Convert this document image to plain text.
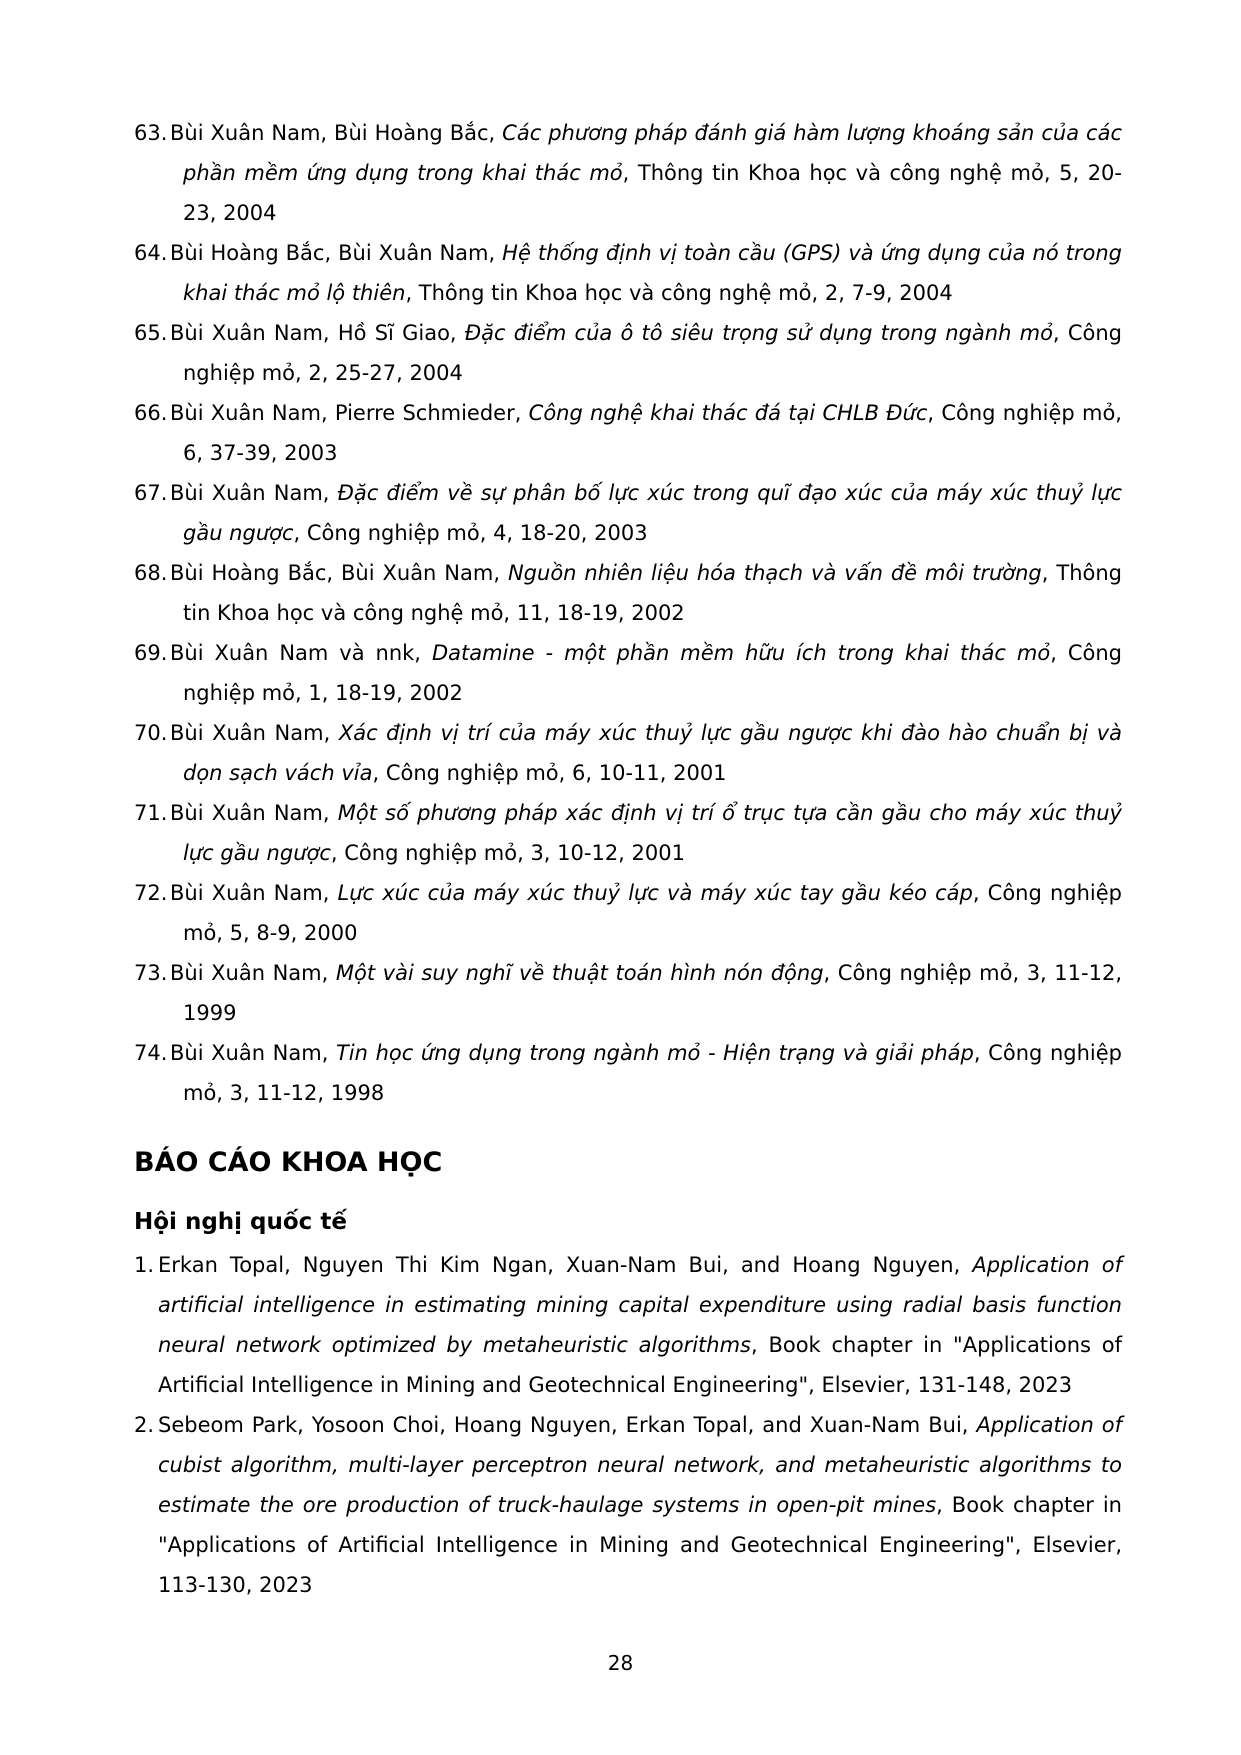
63. Bùi Xuân Nam, Bùi Hoàng Bắc, Các phương pháp đánh giá hàm lượng khoáng sản của các phần mềm ứng dụng trong khai thác mỏ, Thông tin Khoa học và công nghệ mỏ, 5, 20-23, 2004
64. Bùi Hoàng Bắc, Bùi Xuân Nam, Hệ thống định vị toàn cầu (GPS) và ứng dụng của nó trong khai thác mỏ lộ thiên, Thông tin Khoa học và công nghệ mỏ, 2, 7-9, 2004
65. Bùi Xuân Nam, Hồ Sĩ Giao, Đặc điểm của ô tô siêu trọng sử dụng trong ngành mỏ, Công nghiệp mỏ, 2, 25-27, 2004
66. Bùi Xuân Nam, Pierre Schmieder, Công nghệ khai thác đá tại CHLB Đức, Công nghiệp mỏ, 6, 37-39, 2003
67. Bùi Xuân Nam, Đặc điểm về sự phân bố lực xúc trong quĩ đạo xúc của máy xúc thuỷ lực gầu ngược, Công nghiệp mỏ, 4, 18-20, 2003
68. Bùi Hoàng Bắc, Bùi Xuân Nam, Nguồn nhiên liệu hóa thạch và vấn đề môi trường, Thông tin Khoa học và công nghệ mỏ, 11, 18-19, 2002
69. Bùi Xuân Nam và nnk, Datamine - một phần mềm hữu ích trong khai thác mỏ, Công nghiệp mỏ, 1, 18-19, 2002
70. Bùi Xuân Nam, Xác định vị trí của máy xúc thuỷ lực gầu ngược khi đào hào chuẩn bị và dọn sạch vách vỉa, Công nghiệp mỏ, 6, 10-11, 2001
71. Bùi Xuân Nam, Một số phương pháp xác định vị trí ổ trục tựa cần gầu cho máy xúc thuỷ lực gầu ngược, Công nghiệp mỏ, 3, 10-12, 2001
72. Bùi Xuân Nam, Lực xúc của máy xúc thuỷ lực và máy xúc tay gầu kéo cáp, Công nghiệp mỏ, 5, 8-9, 2000
73. Bùi Xuân Nam, Một vài suy nghĩ về thuật toán hình nón động, Công nghiệp mỏ, 3, 11-12, 1999
74. Bùi Xuân Nam, Tin học ứng dụng trong ngành mỏ - Hiện trạng và giải pháp, Công nghiệp mỏ, 3, 11-12, 1998
BÁO CÁO KHOA HỌC
Hội nghị quốc tế
1. Erkan Topal, Nguyen Thi Kim Ngan, Xuan-Nam Bui, and Hoang Nguyen, Application of artificial intelligence in estimating mining capital expenditure using radial basis function neural network optimized by metaheuristic algorithms, Book chapter in "Applications of Artificial Intelligence in Mining and Geotechnical Engineering", Elsevier, 131-148, 2023
2. Sebeom Park, Yosoon Choi, Hoang Nguyen, Erkan Topal, and Xuan-Nam Bui, Application of cubist algorithm, multi-layer perceptron neural network, and metaheuristic algorithms to estimate the ore production of truck-haulage systems in open-pit mines, Book chapter in "Applications of Artificial Intelligence in Mining and Geotechnical Engineering", Elsevier, 113-130, 2023
28
